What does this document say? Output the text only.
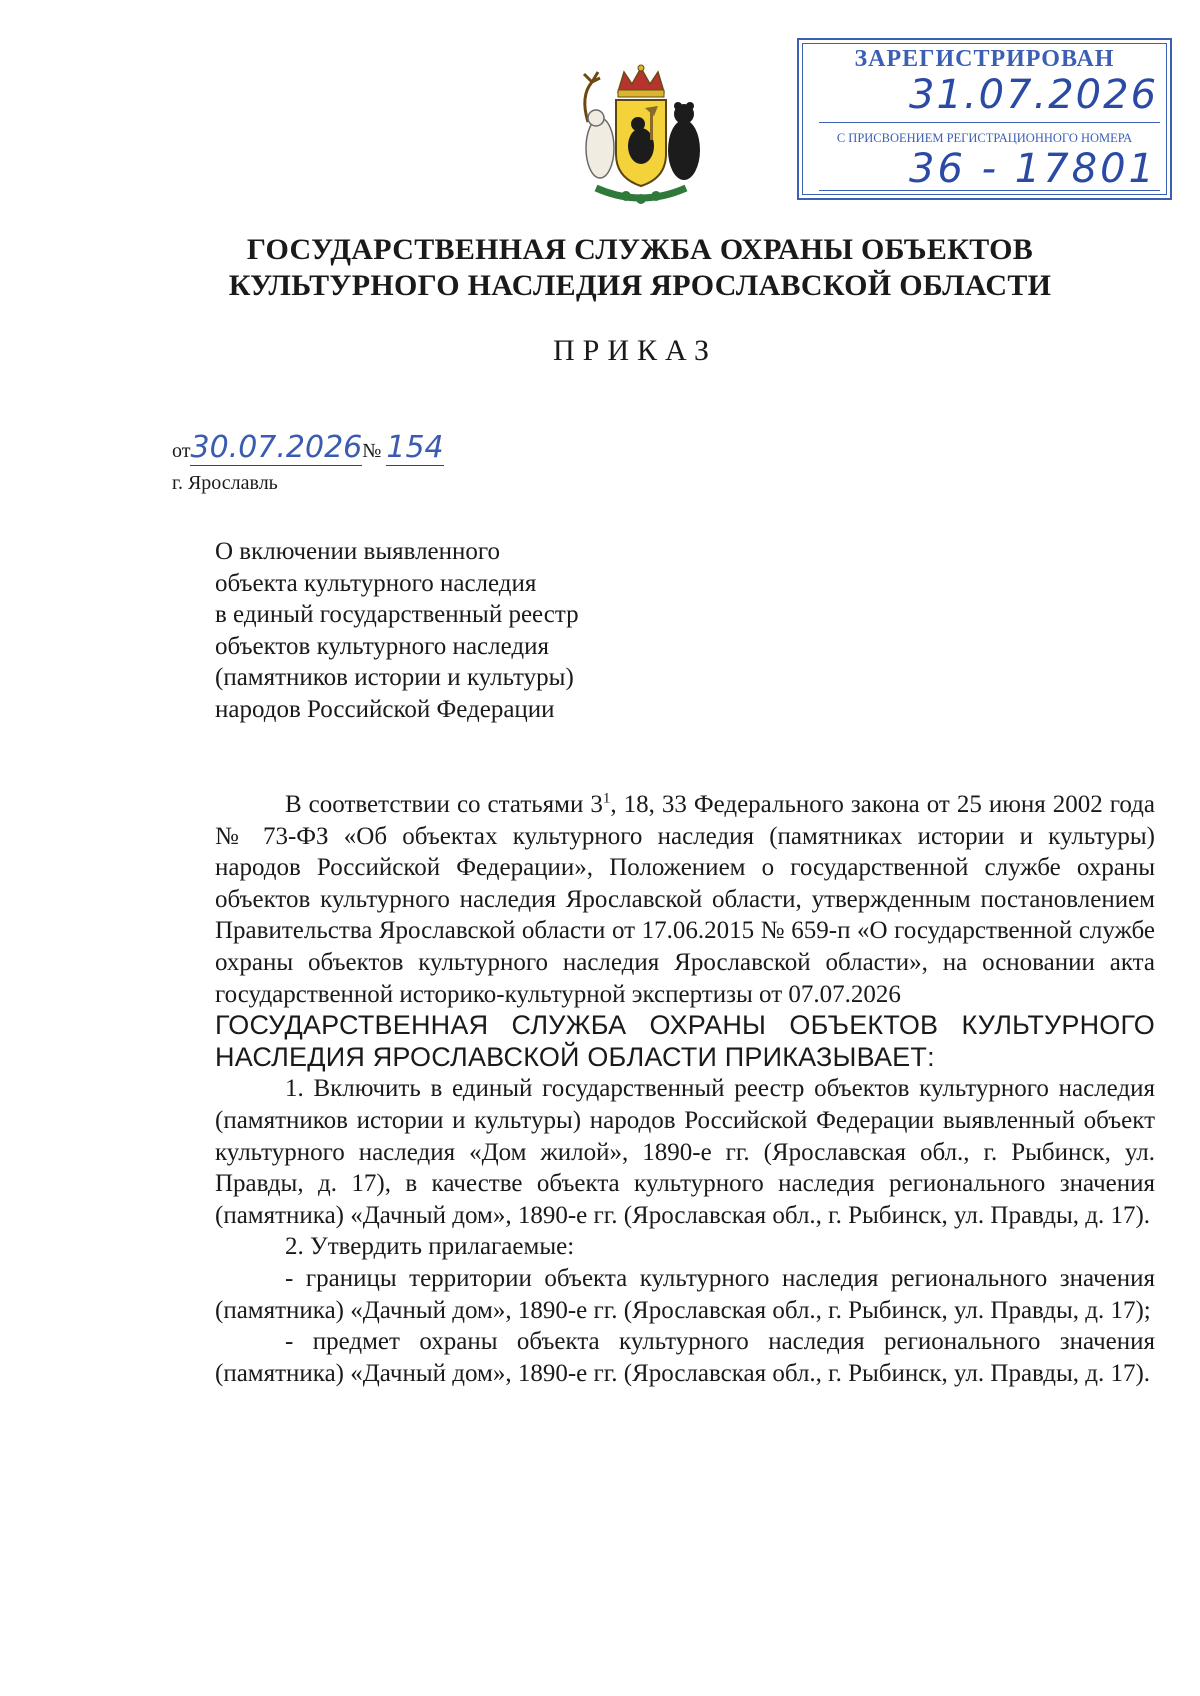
ЗАРЕГИСТРИРОВАН
31.07.2026
С ПРИСВОЕНИЕМ РЕГИСТРАЦИОННОГО НОМЕРА
36 - 17801
ГОСУДАРСТВЕННАЯ СЛУЖБА ОХРАНЫ ОБЪЕКТОВ
КУЛЬТУРНОГО НАСЛЕДИЯ ЯРОСЛАВСКОЙ ОБЛАСТИ
ПРИКАЗ
от30.07.2026№ 154
г. Ярославль
О включении выявленного
объекта культурного наследия
в единый государственный реестр
объектов культурного наследия
(памятников истории и культуры)
народов Российской Федерации

В соответствии со статьями $3^1$, 18, 33 Федерального закона от 25 июня 2002 года № 73-ФЗ «Об объектах культурного наследия (памятниках истории и культуры) народов Российской Федерации», Положением о государственной службе охраны объектов культурного наследия Ярославской области, утвержденным постановлением Правительства Ярославской области от 17.06.2015 № 659-п «О государственной службе охраны объектов культурного наследия Ярославской области», на основании акта государственной историко-культурной экспертизы от 07.07.2026

ГОСУДАРСТВЕННАЯ СЛУЖБА ОХРАНЫ ОБЪЕКТОВ КУЛЬТУРНОГО НАСЛЕДИЯ ЯРОСЛАВСКОЙ ОБЛАСТИ ПРИКАЗЫВАЕТ:

1. Включить в единый государственный реестр объектов культурного наследия (памятников истории и культуры) народов Российской Федерации выявленный объект культурного наследия «Дом жилой», 1890-е гг. (Ярославская обл., г. Рыбинск, ул. Правды, д. 17), в качестве объекта культурного наследия регионального значения (памятника) «Дачный дом», 1890-е гг. (Ярославская обл., г. Рыбинск, ул. Правды, д. 17).

2. Утвердить прилагаемые:

- границы территории объекта культурного наследия регионального значения (памятника) «Дачный дом», 1890-е гг. (Ярославская обл., г. Рыбинск, ул. Правды, д. 17);

- предмет охраны объекта культурного наследия регионального значения (памятника) «Дачный дом», 1890-е гг. (Ярославская обл., г. Рыбинск, ул. Правды, д. 17).
